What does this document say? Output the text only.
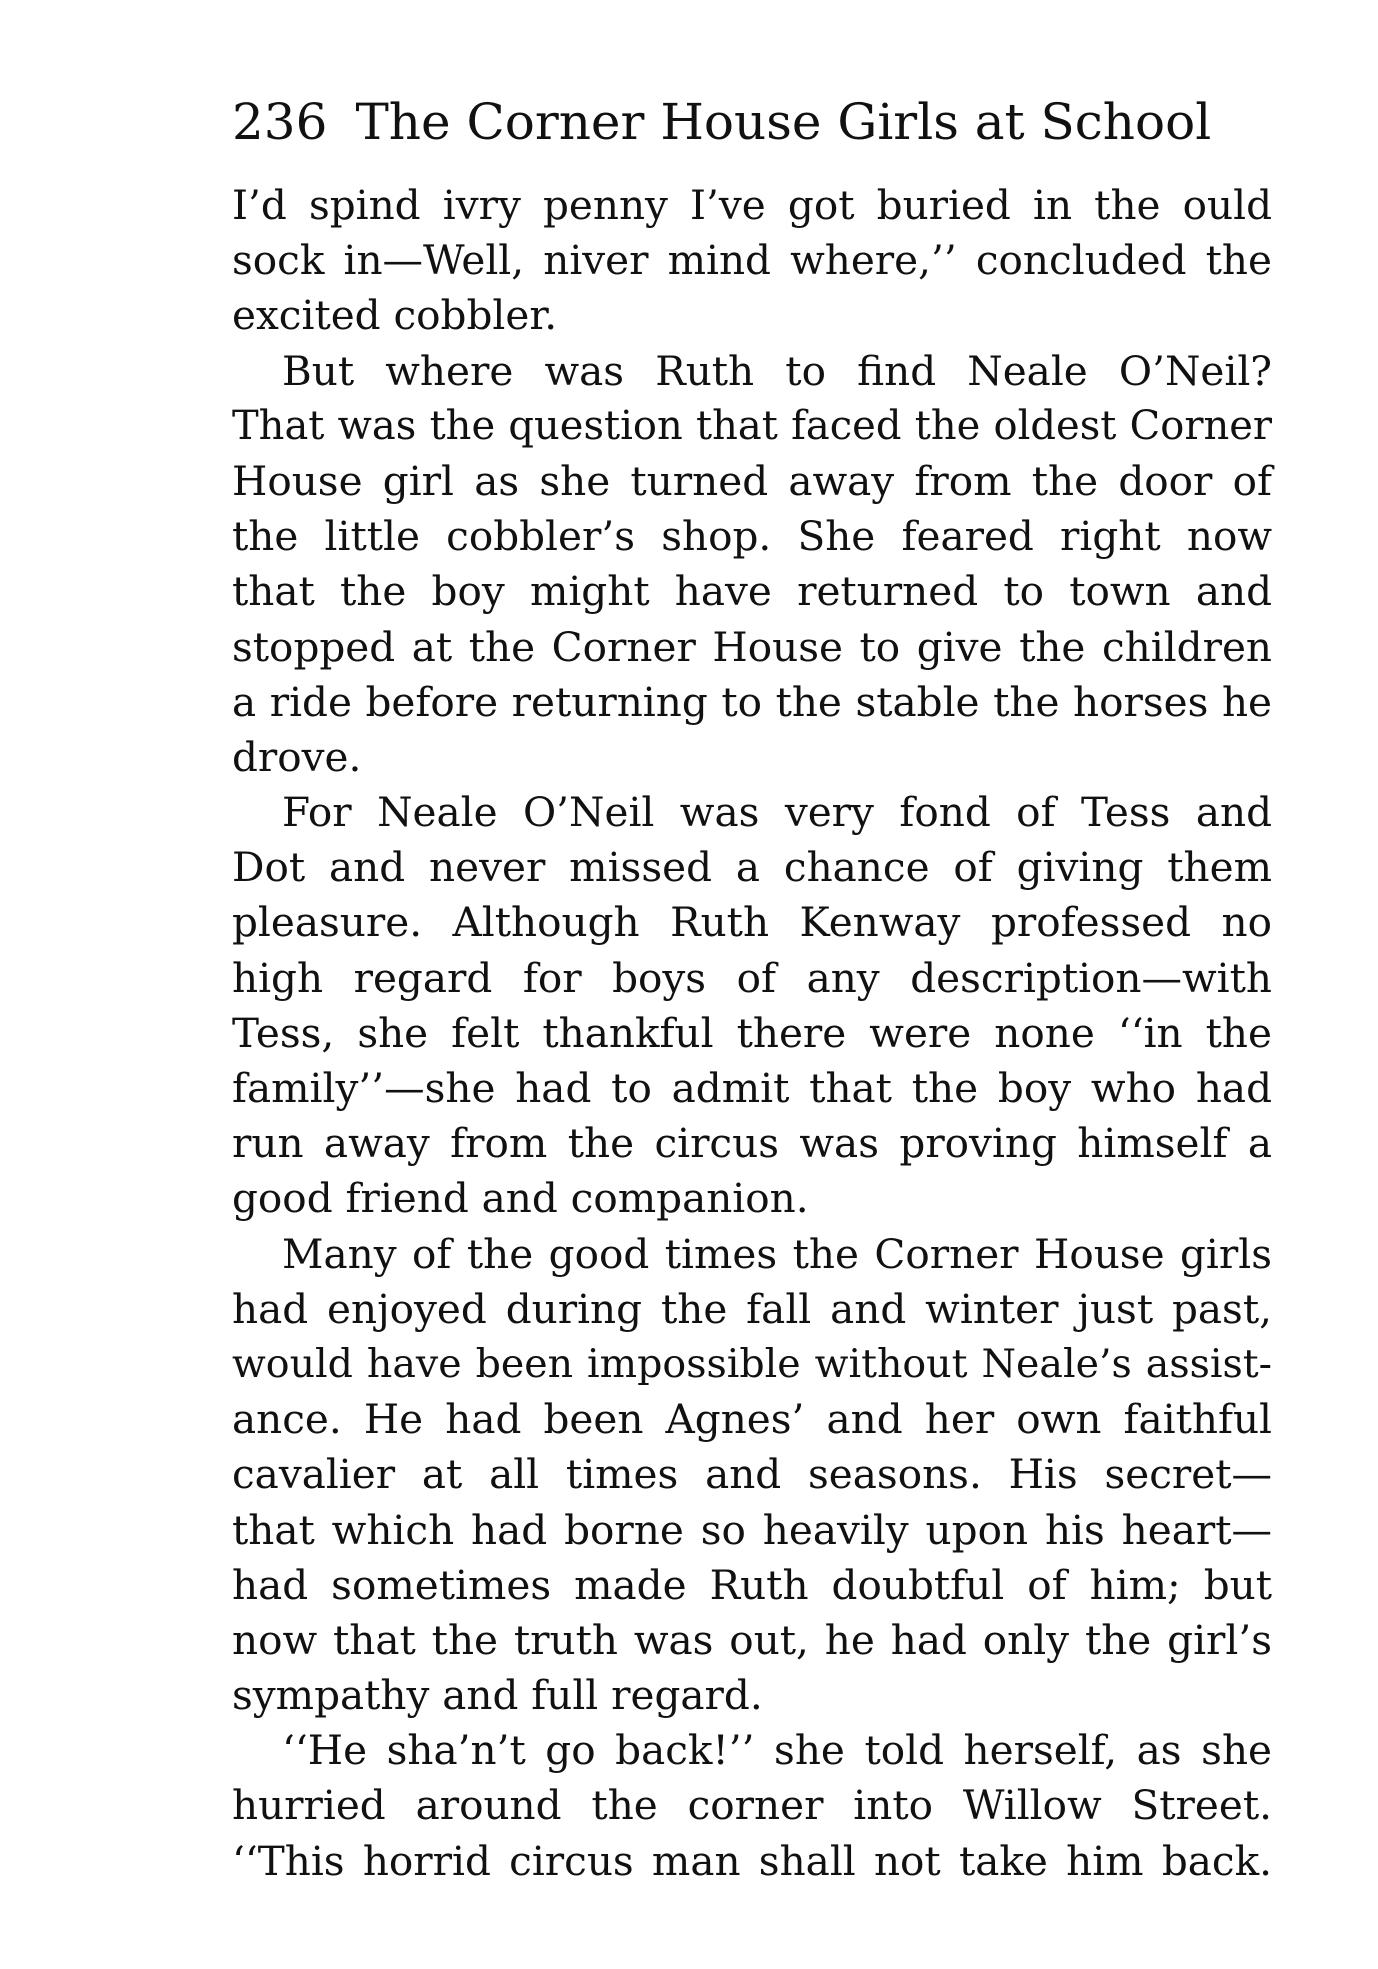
236 The Corner House Girls at School
I’d spind ivry penny I’ve got buried in the ould
sock in—Well, niver mind where,’’ concluded the
excited cobbler.
But where was Ruth to find Neale O’Neil?
That was the question that faced the oldest Corner
House girl as she turned away from the door of
the little cobbler’s shop. She feared right now
that the boy might have returned to town and
stopped at the Corner House to give the children
a ride before returning to the stable the horses he
drove.
For Neale O’Neil was very fond of Tess and
Dot and never missed a chance of giving them
pleasure. Although Ruth Kenway professed no
high regard for boys of any description—with
Tess, she felt thankful there were none ‘‘in the
family’’—she had to admit that the boy who had
run away from the circus was proving himself a
good friend and companion.
Many of the good times the Corner House girls
had enjoyed during the fall and winter just past,
would have been impossible without Neale’s assist-
ance. He had been Agnes’ and her own faithful
cavalier at all times and seasons. His secret—
that which had borne so heavily upon his heart—
had sometimes made Ruth doubtful of him; but
now that the truth was out, he had only the girl’s
sympathy and full regard.
‘‘He sha’n’t go back!’’ she told herself, as she
hurried around the corner into Willow Street.
‘‘This horrid circus man shall not take him back.
